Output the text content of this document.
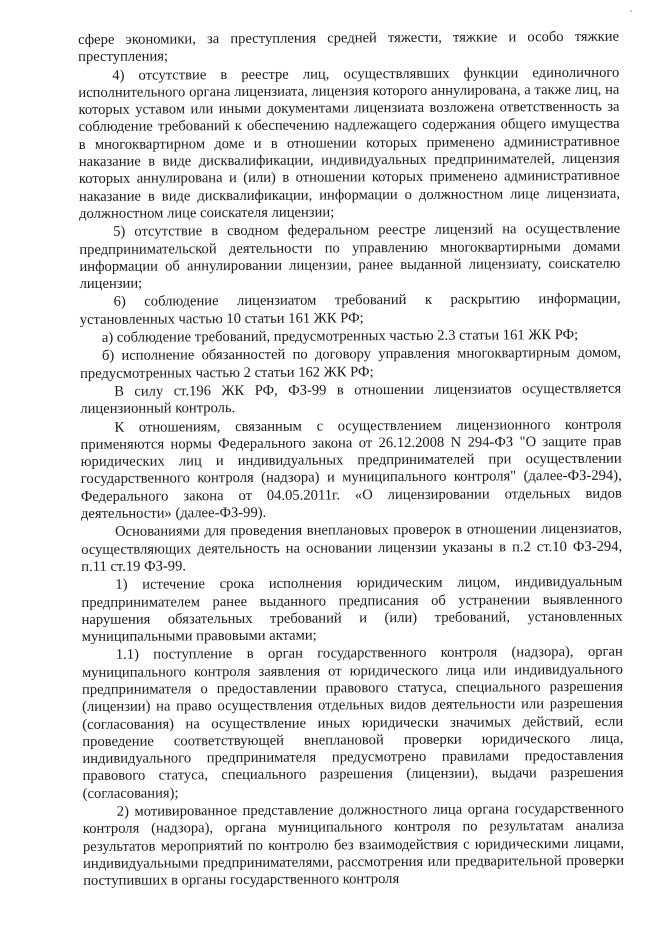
'

сфере экономики, за преступления средней тяжести, тяжкие и особо тяжкие преступления;

4) отсутствие в реестре лиц, осуществлявших функции единоличного исполнительного органа лицензиата, лицензия которого аннулирована, а также лиц, на которых уставом или иными документами лицензиата возложена ответственность за соблюдение требований к обеспечению надлежащего содержания общего имущества в многоквартирном доме и в отношении которых применено административное наказание в виде дисквалификации, индивидуальных предпринимателей, лицензия которых аннулирована и (или) в отношении которых применено административное наказание в виде дисквалификации, информации о должностном лице лицензиата, должностном лице соискателя лицензии;

5) отсутствие в сводном федеральном реестре лицензий на осуществление предпринимательской деятельности по управлению многоквартирными домами информации об аннулировании лицензии, ранее выданной лицензиату, соискателю лицензии;

6) соблюдение лицензиатом требований к раскрытию информации, установленных частью 10 статьи 161 ЖК РФ;

а) соблюдение требований, предусмотренных частью 2.3 статьи 161 ЖК РФ;

б) исполнение обязанностей по договору управления многоквартирным домом, предусмотренных частью 2 статьи 162 ЖК РФ;

В силу ст.196 ЖК РФ, ФЗ-99 в отношении лицензиатов осуществляется лицензионный контроль.

К отношениям, связанным с осуществлением лицензионного контроля применяются нормы Федерального закона от 26.12.2008 N 294-ФЗ "О защите прав юридических лиц и индивидуальных предпринимателей при осуществлении государственного контроля (надзора) и муниципального контроля" (далее-ФЗ-294), Федерального закона от 04.05.2011г. «О лицензировании отдельных видов деятельности» (далее-ФЗ-99).

Основаниями для проведения внеплановых проверок в отношении лицензиатов, осуществляющих деятельность на основании лицензии указаны в п.2 ст.10 ФЗ-294, п.11 ст.19 ФЗ-99.

1) истечение срока исполнения юридическим лицом, индивидуальным предпринимателем ранее выданного предписания об устранении выявленного нарушения обязательных требований и (или) требований, установленных муниципальными правовыми актами;

1.1) поступление в орган государственного контроля (надзора), орган муниципального контроля заявления от юридического лица или индивидуального предпринимателя о предоставлении правового статуса, специального разрешения (лицензии) на право осуществления отдельных видов деятельности или разрешения (согласования) на осуществление иных юридически значимых действий, если проведение соответствующей внеплановой проверки юридического лица, индивидуального предпринимателя предусмотрено правилами предоставления правового статуса, специального разрешения (лицензии), выдачи разрешения (согласования);

2) мотивированное представление должностного лица органа государственного контроля (надзора), органа муниципального контроля по результатам анализа результатов мероприятий по контролю без взаимодействия с юридическими лицами, индивидуальными предпринимателями, рассмотрения или предварительной проверки поступивших в органы государственного контроля
